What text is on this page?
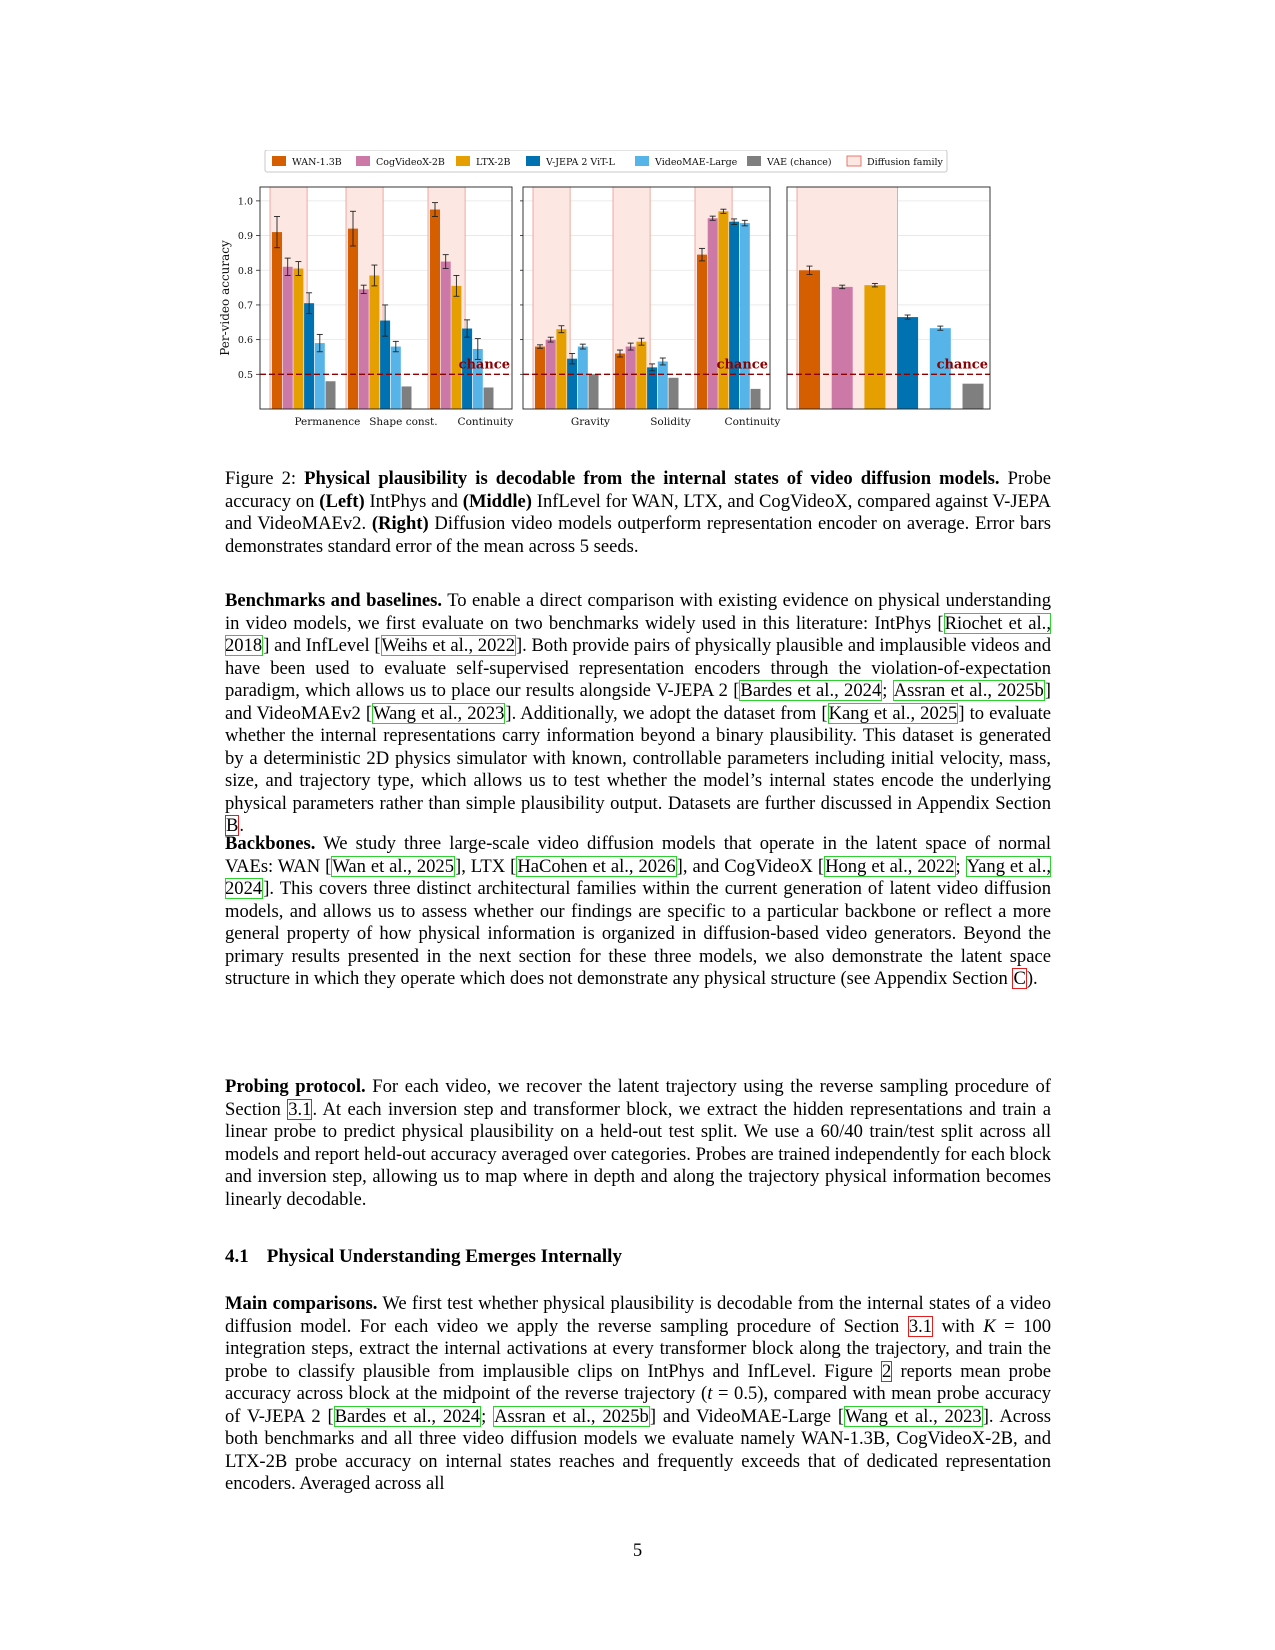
WAN-1.3B	CogVideoX-2B	LTX-2B	V-JEPA 2 ViT-L	VideoMAE-Large	VAE (chance)	Diffusion family
Permanence Shape const. Continuity
chance
Gravity	Solidity	Continuity
chance	chance
0.5
0.6
0.7
0.8
0.9
1.0
Per-video accuracy
Figure 2: Physical plausibility is decodable from the internal states of video diffusion models. Probe accuracy on (Left) IntPhys and (Middle) InfLevel for WAN, LTX, and CogVideoX, compared against V-JEPA and VideoMAEv2. (Right) Diffusion video models outperform representation encoder on average. Error bars demonstrates standard error of the mean across 5 seeds.

Benchmarks and baselines. To enable a direct comparison with existing evidence on physical understanding in video models, we first evaluate on two benchmarks widely used in this literature: IntPhys [Riochet et al., 2018] and InfLevel [Weihs et al., 2022]. Both provide pairs of physically plausible and implausible videos and have been used to evaluate self-supervised representation encoders through the violation-of-expectation paradigm, which allows us to place our results alongside V-JEPA 2 [Bardes et al., 2024; Assran et al., 2025b] and VideoMAEv2 [Wang et al., 2023]. Additionally, we adopt the dataset from [Kang et al., 2025] to evaluate whether the internal representations carry information beyond a binary plausibility. This dataset is generated by a deterministic 2D physics simulator with known, controllable parameters including initial velocity, mass, size, and trajectory type, which allows us to test whether the model’s internal states encode the underlying physical parameters rather than simple plausibility output. Datasets are further discussed in Appendix Section B.

Backbones. We study three large-scale video diffusion models that operate in the latent space of normal VAEs: WAN [Wan et al., 2025], LTX [HaCohen et al., 2026], and CogVideoX [Hong et al., 2022; Yang et al., 2024]. This covers three distinct architectural families within the current generation of latent video diffusion models, and allows us to assess whether our findings are specific to a particular backbone or reflect a more general property of how physical information is organized in diffusion-based video generators. Beyond the primary results presented in the next section for these three models, we also demonstrate the latent space structure in which they operate which does not demonstrate any physical structure (see Appendix Section C).

Probing protocol. For each video, we recover the latent trajectory using the reverse sampling procedure of Section 3.1. At each inversion step and transformer block, we extract the hidden representations and train a linear probe to predict physical plausibility on a held-out test split. We use a 60/40 train/test split across all models and report held-out accuracy averaged over categories. Probes are trained independently for each block and inversion step, allowing us to map where in depth and along the trajectory physical information becomes linearly decodable.

4.1 Physical Understanding Emerges Internally

Main comparisons. We first test whether physical plausibility is decodable from the internal states of a video diffusion model. For each video we apply the reverse sampling procedure of Section 3.1 with K = 100 integration steps, extract the internal activations at every transformer block along the trajectory, and train the probe to classify plausible from implausible clips on IntPhys and InfLevel. Figure 2 reports mean probe accuracy across block at the midpoint of the reverse trajectory (t = 0.5), compared with mean probe accuracy of V-JEPA 2 [Bardes et al., 2024; Assran et al., 2025b] and VideoMAE-Large [Wang et al., 2023]. Across both benchmarks and all three video diffusion models we evaluate namely WAN-1.3B, CogVideoX-2B, and LTX-2B probe accuracy on internal states reaches and frequently exceeds that of dedicated representation encoders. Averaged across all

5
